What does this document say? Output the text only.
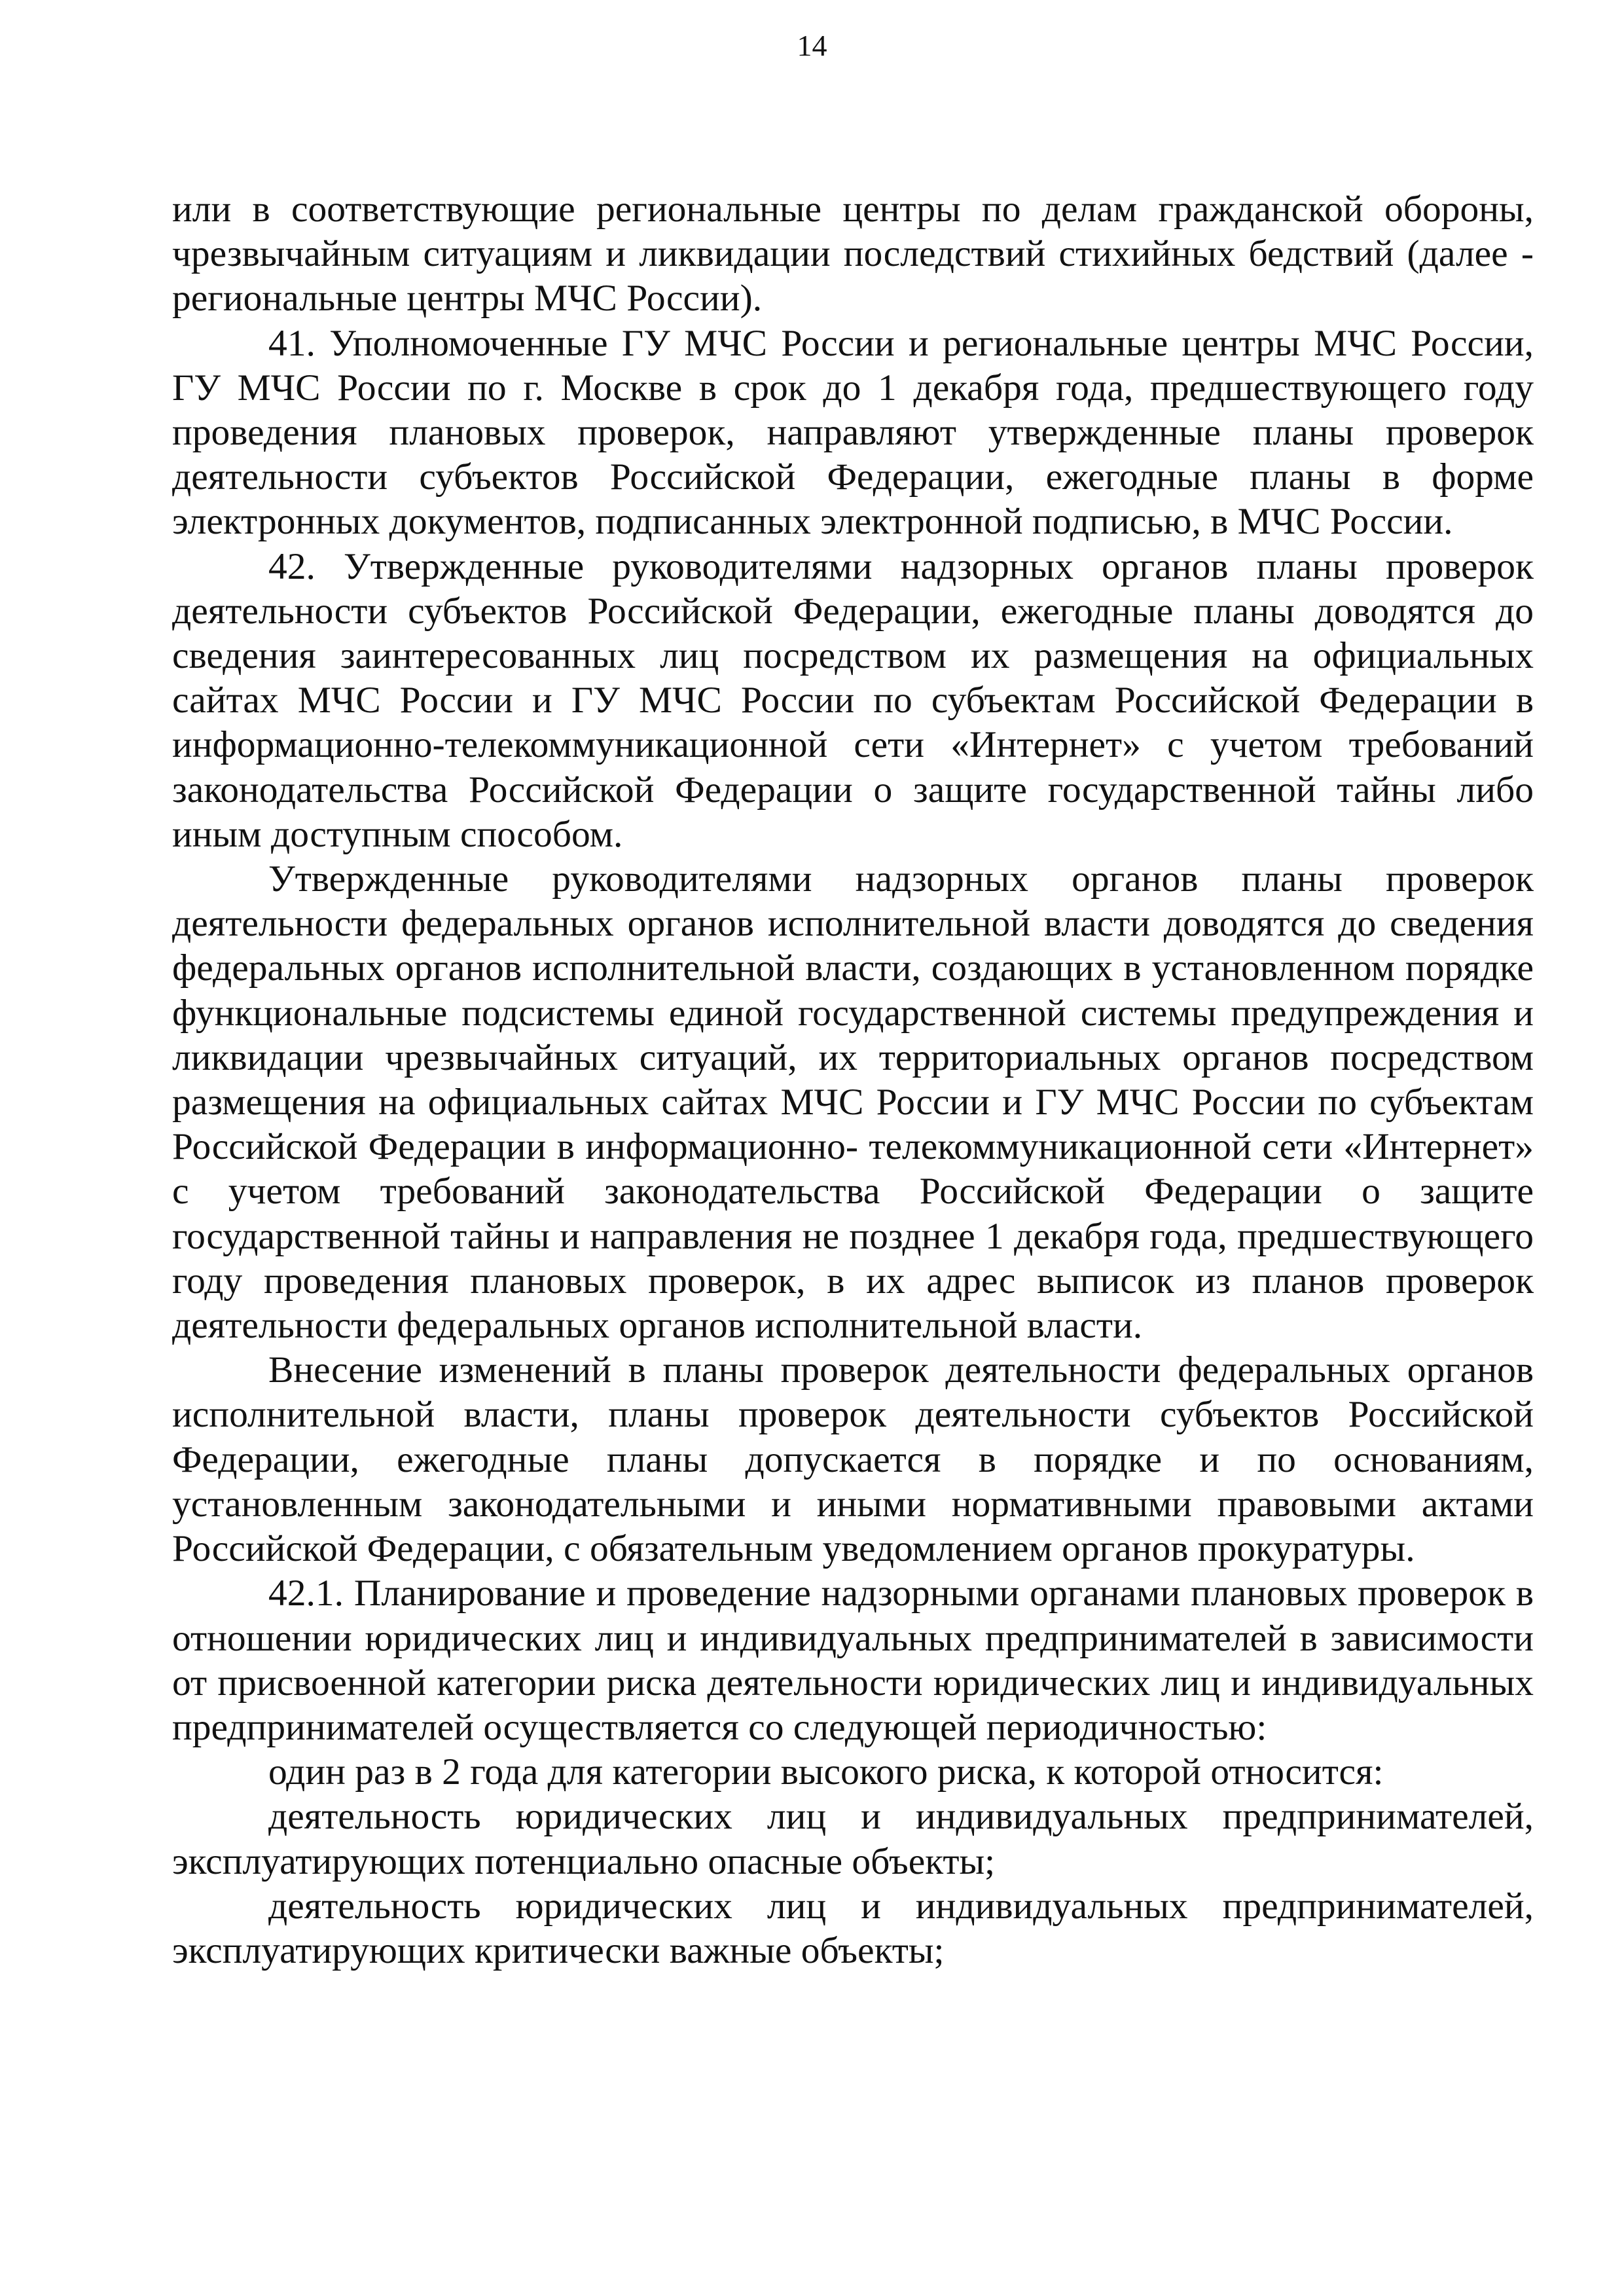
14

или в соответствующие региональные центры по делам гражданской обороны, чрезвычайным ситуациям и ликвидации последствий стихийных бедствий (далее - региональные центры МЧС России).

41. Уполномоченные ГУ МЧС России и региональные центры МЧС России, ГУ МЧС России по г. Москве в срок до 1 декабря года, предшествующего году проведения плановых проверок, направляют утвержденные планы проверок деятельности субъектов Российской Федерации, ежегодные планы в форме электронных документов, подписанных электронной подписью, в МЧС России.

42. Утвержденные руководителями надзорных органов планы проверок деятельности субъектов Российской Федерации, ежегодные планы доводятся до сведения заинтересованных лиц посредством их размещения на официальных сайтах МЧС России и ГУ МЧС России по субъектам Российской Федерации в информационно-телекоммуникационной сети «Интернет» с учетом требований законодательства Российской Федерации о защите государственной тайны либо иным доступным способом.

Утвержденные руководителями надзорных органов планы проверок деятельности федеральных органов исполнительной власти доводятся до сведения федеральных органов исполнительной власти, создающих в установленном порядке функциональные подсистемы единой государственной системы предупреждения и ликвидации чрезвычайных ситуаций, их территориальных органов посредством размещения на официальных сайтах МЧС России и ГУ МЧС России по субъектам Российской Федерации в информационно- телекоммуникационной сети «Интернет» с учетом требований законодательства Российской Федерации о защите государственной тайны и направления не позднее 1 декабря года, предшествующего году проведения плановых проверок, в их адрес выписок из планов проверок деятельности федеральных органов исполнительной власти.

Внесение изменений в планы проверок деятельности федеральных органов исполнительной власти, планы проверок деятельности субъектов Российской Федерации, ежегодные планы допускается в порядке и по основаниям, установленным законодательными и иными нормативными правовыми актами Российской Федерации, с обязательным уведомлением органов прокуратуры.

42.1. Планирование и проведение надзорными органами плановых проверок в отношении юридических лиц и индивидуальных предпринимателей в зависимости от присвоенной категории риска деятельности юридических лиц и индивидуальных предпринимателей осуществляется со следующей периодичностью:

один раз в 2 года для категории высокого риска, к которой относится:

деятельность юридических лиц и индивидуальных предпринимателей, эксплуатирующих потенциально опасные объекты;

деятельность юридических лиц и индивидуальных предпринимателей, эксплуатирующих критически важные объекты;
